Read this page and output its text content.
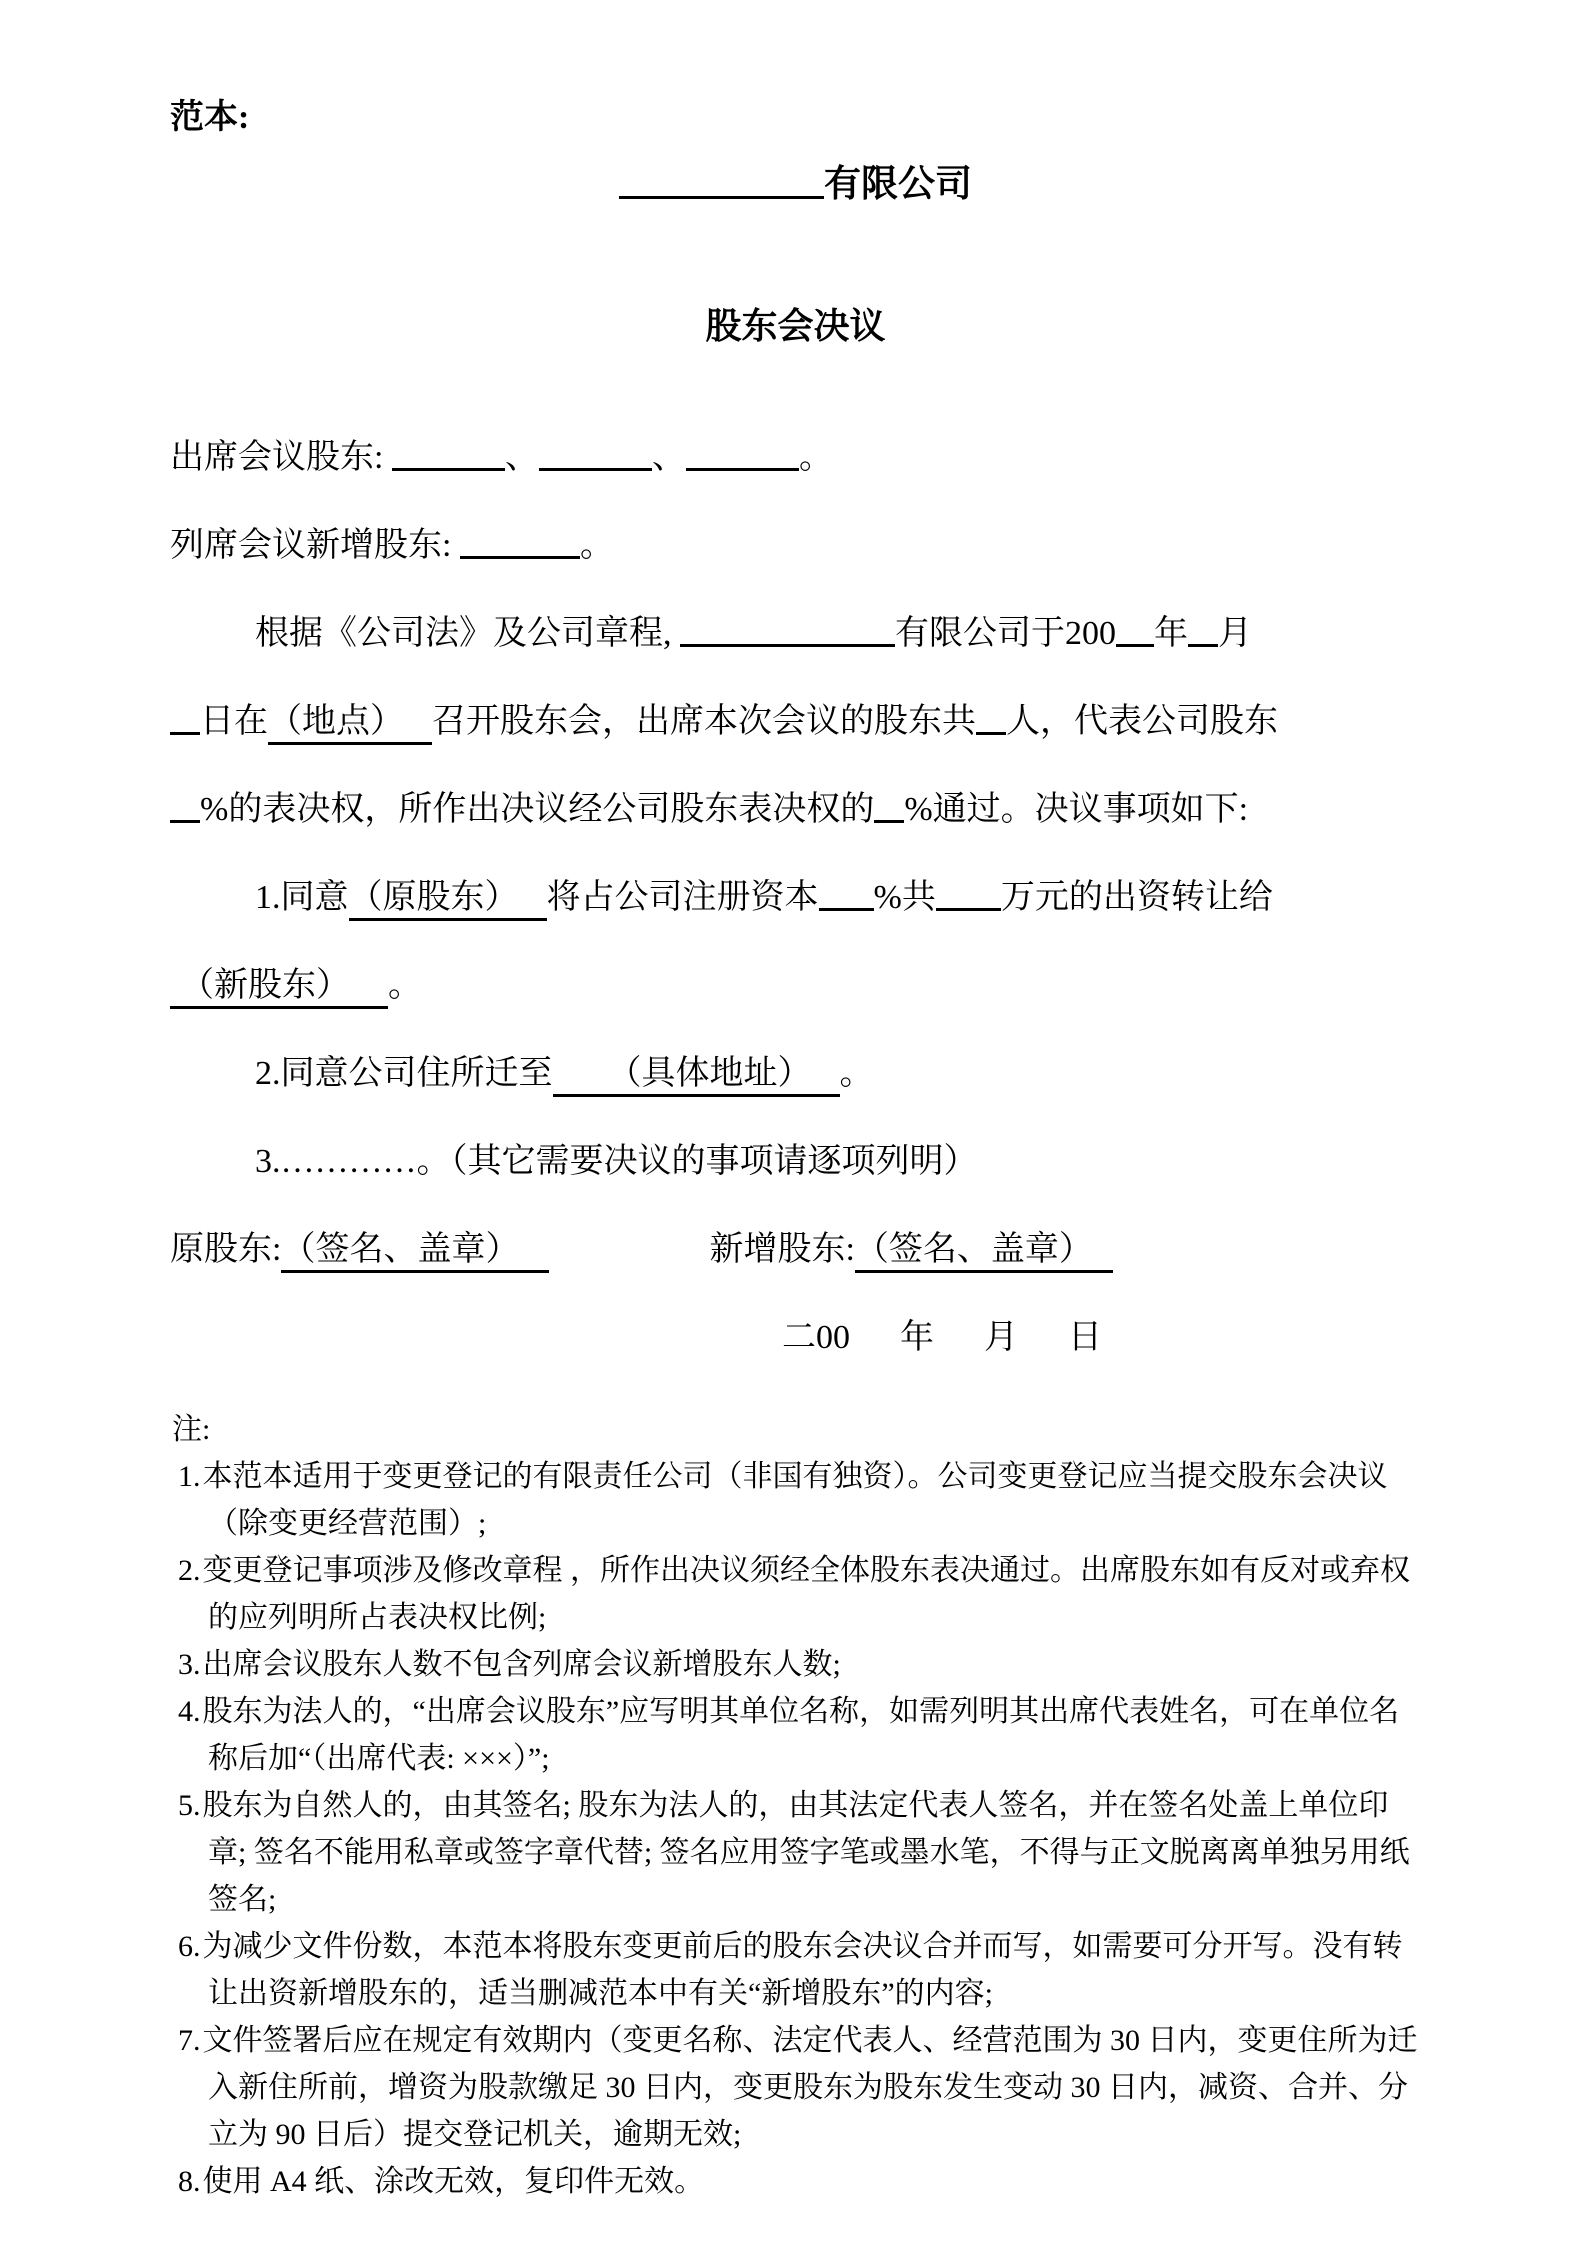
范本:
有限公司
股东会决议
出席会议股东:	、	、	。
列席会议新增股东:	。
根据《公司法》及公司章程,	有限公司于200 年 月
日在（地点） 召开股东会，出席本次会议的股东共 人，代表公司股东
%的表决权，所作出决议经公司股东表决权的 %通过。决议事项如下:
1.同意（原股东） 将占公司注册资本 %共 万元的出资转让给
（新股东） 。
2.同意公司住所迁至 （具体地址） 。
3.…………。（其它需要决议的事项请逐项列明）
原股东:（签名、盖章）	新增股东:（签名、盖章）
二00 年 月 日
注:
1.本范本适用于变更登记的有限责任公司（非国有独资）。公司变更登记应当提交股东会决议（除变更经营范围）;
2.变更登记事项涉及修改章程 ，所作出决议须经全体股东表决通过。出席股东如有反对或弃权的应列明所占表决权比例;
3.出席会议股东人数不包含列席会议新增股东人数;
4.股东为法人的，“出席会议股东”应写明其单位名称，如需列明其出席代表姓名，可在单位名称后加“（出席代表: ×××）”;
5.股东为自然人的，由其签名; 股东为法人的，由其法定代表人签名，并在签名处盖上单位印章; 签名不能用私章或签字章代替; 签名应用签字笔或墨水笔，不得与正文脱离离单独另用纸签名;
6.为减少文件份数，本范本将股东变更前后的股东会决议合并而写，如需要可分开写。没有转让出资新增股东的，适当删减范本中有关“新增股东”的内容;
7.文件签署后应在规定有效期内（变更名称、法定代表人、经营范围为 30 日内，变更住所为迁入新住所前，增资为股款缴足 30 日内，变更股东为股东发生变动 30 日内，减资、合并、分立为 90 日后）提交登记机关，逾期无效;
8.使用 A4 纸、涂改无效，复印件无效。
